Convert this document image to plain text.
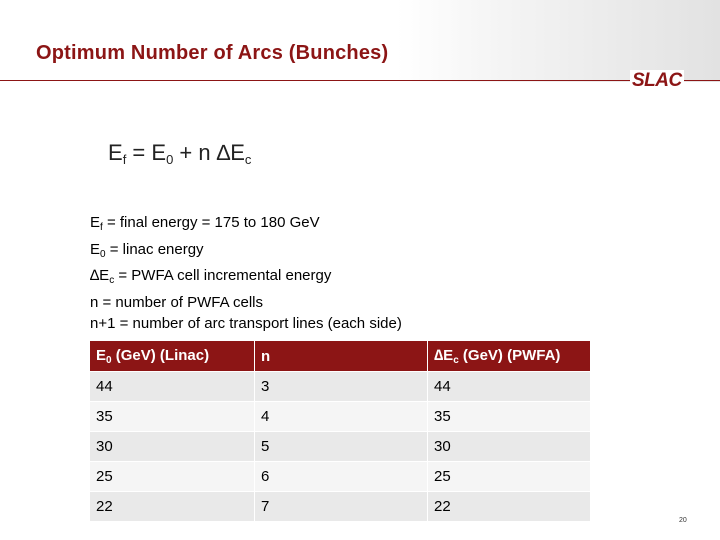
Optimum Number of Arcs (Bunches)
SLAC
$E_f = E_0 + n$ $\Delta E_c$
$E_f$ = final energy = 175 to 180 GeV
$E_0$ = linac energy
$\Delta E_c$ = PWFA cell incremental energy
n = number of PWFA cells
n+1 = number of arc transport lines (each side)
$E_0$ (GeV) (Linac)	n	$\Delta E_c$ (GeV) (PWFA)
44	3	44
35	4	35
30	5	30
25	6	25
22	7	22
20
